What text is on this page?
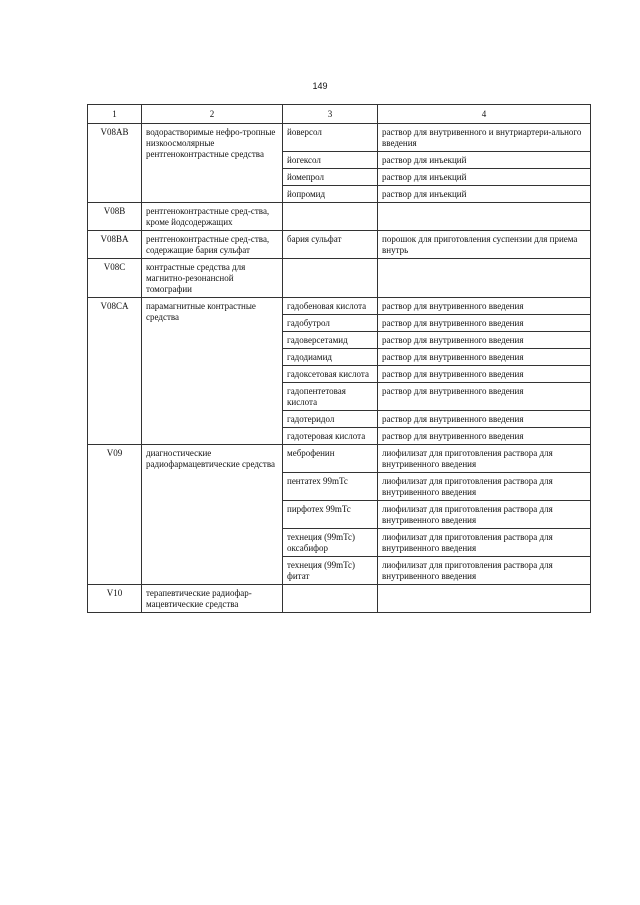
149
1	2	3	4
V08AB	водорастворимые нефро-тропные низкоосмолярные рентгеноконтрастные средства	йоверсол	раствор для внутривенного и внутриартери-ального введения
		йогексол	раствор для инъекций
		йомепрол	раствор для инъекций
		йопромид	раствор для инъекций
V08B	рентгеноконтрастные сред-ства, кроме йодсодержащих		
V08BA	рентгеноконтрастные сред-ства, содержащие бария сульфат	бария сульфат	порошок для приготовления суспензии для приема внутрь
V08C	контрастные средства для магнитно-резонансной томографии		
V08CA	парамагнитные контрастные средства	гадобеновая кислота	раствор для внутривенного введения
		гадобутрол	раствор для внутривенного введения
		гадоверсетамид	раствор для внутривенного введения
		гадодиамид	раствор для внутривенного введения
		гадоксетовая кислота	раствор для внутривенного введения
		гадопентетовая кислота	раствор для внутривенного введения
		гадотеридол	раствор для внутривенного введения
		гадотеровая кислота	раствор для внутривенного введения
V09	диагностические радиофармацевтические средства	меброфенин	лиофилизат для приготовления раствора для внутривенного введения
		пентатех 99mTc	лиофилизат для приготовления раствора для внутривенного введения
		пирфотех 99mTc	лиофилизат для приготовления раствора для внутривенного введения
		технеция (99mTc) оксабифор	лиофилизат для приготовления раствора для внутривенного введения
		технеция (99mTc) фитат	лиофилизат для приготовления раствора для внутривенного введения
V10	терапевтические радиофар-мацевтические средства		
